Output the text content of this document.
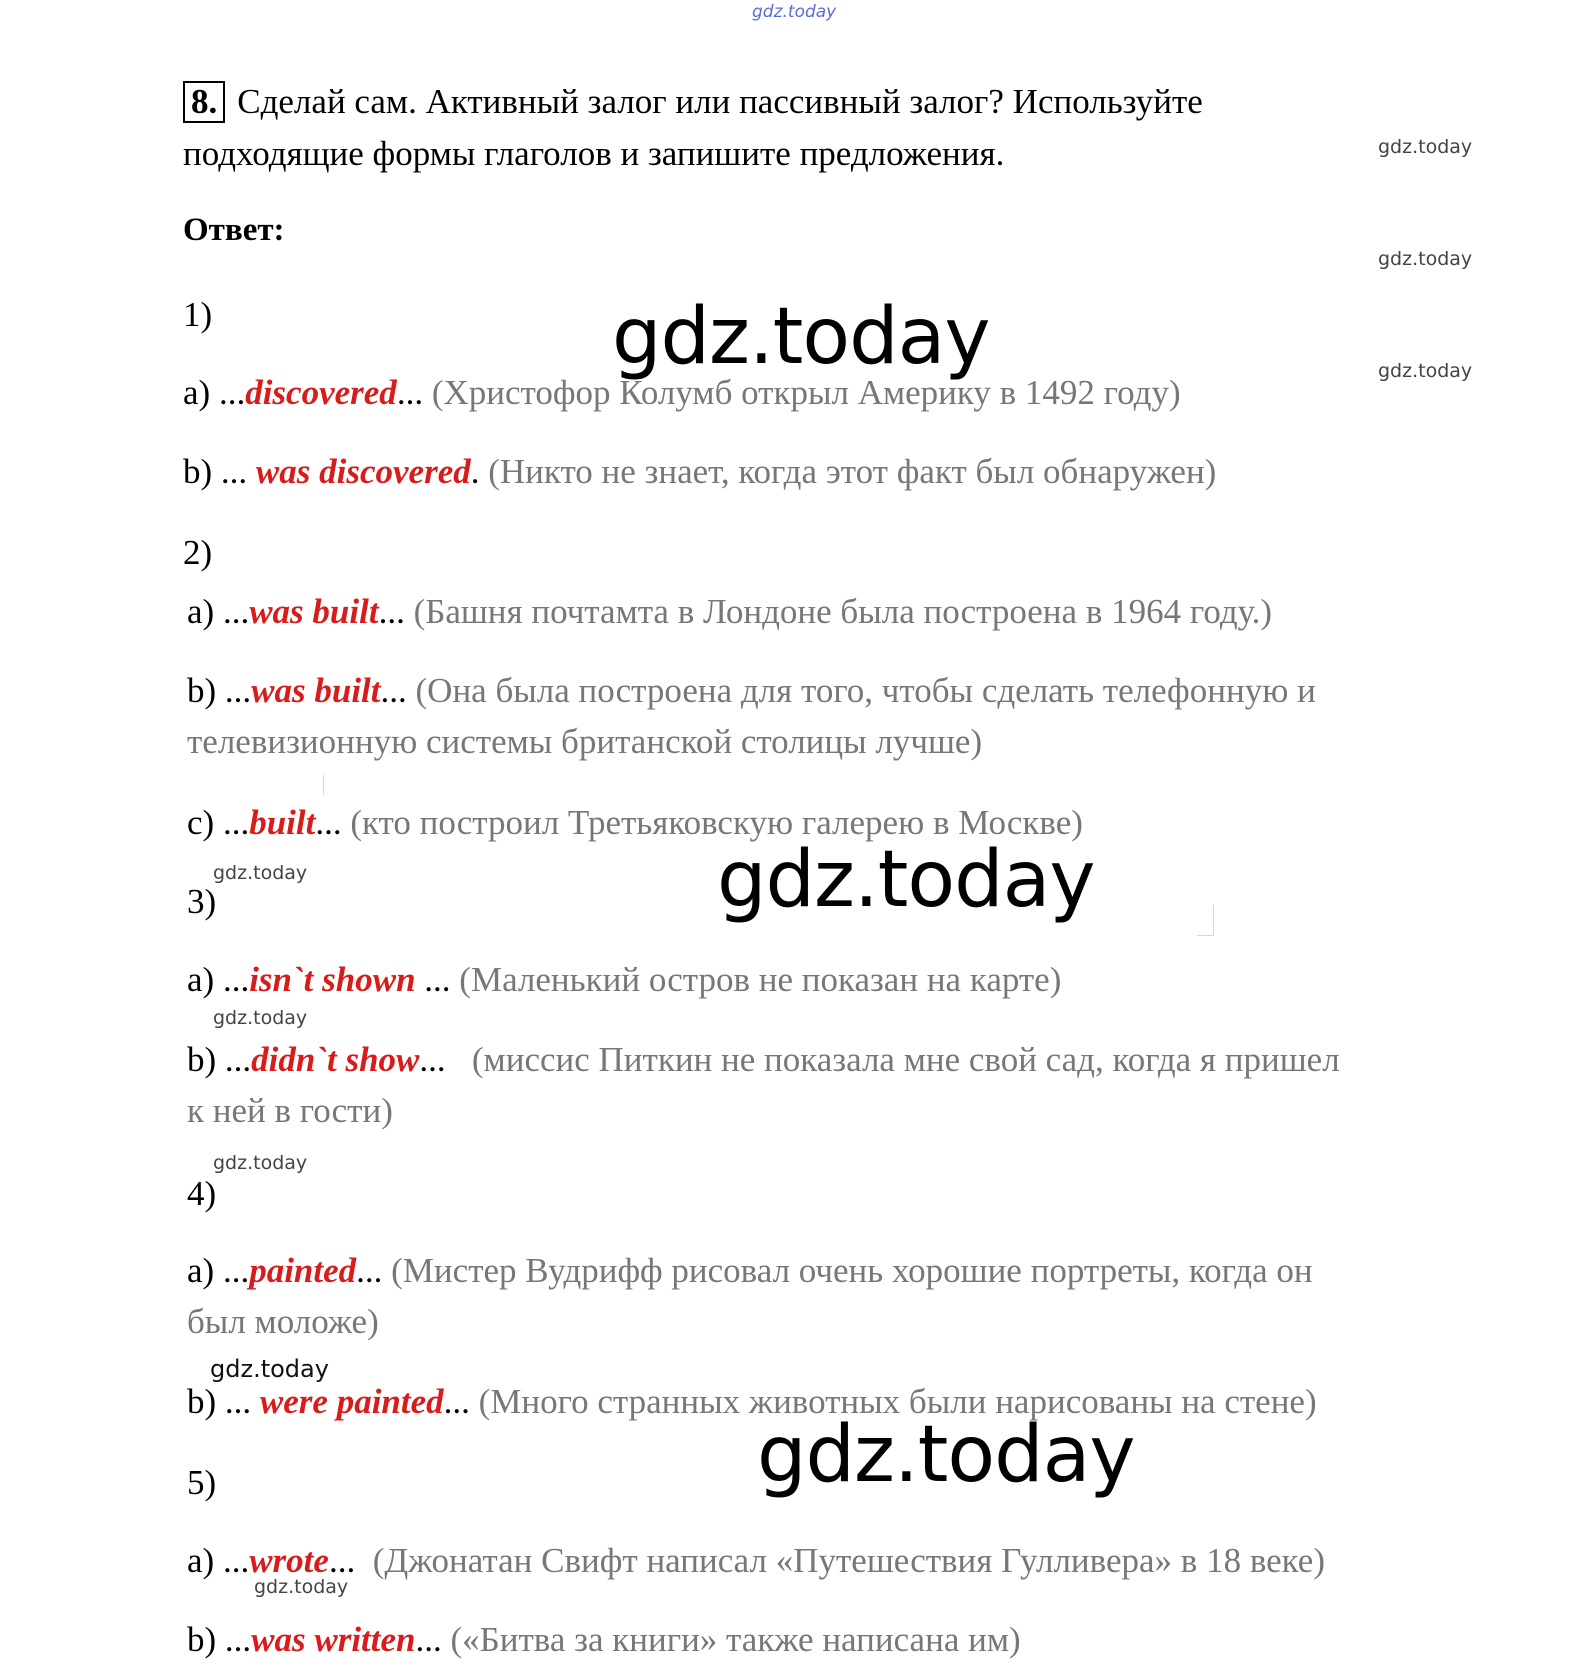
gdz.today
gdz.today
gdz.today
gdz.today
gdz.today
gdz.today
gdz.today
gdz.today
gdz.today
gdz.today
gdz.today
gdz.today
8. Сделай сам. Активный залог или пассивный залог? Используйте
подходящие формы глаголов и запишите предложения.
Ответ:
1)
a) ...discovered... (Христофор Колумб открыл Америку в 1492 году)
b) ... was discovered. (Никто не знает, когда этот факт был обнаружен)
2)
a) ...was built... (Башня почтамта в Лондоне была построена в 1964 году.)
b) ...was built... (Она была построена для того, чтобы сделать телефонную и
телевизионную системы британской столицы лучше)
c) ...built... (кто построил Третьяковскую галерею в Москве)
3)
a) ...isn`t shown ... (Маленький остров не показан на карте)
b) ...didn`t show...   (миссис Питкин не показала мне свой сад, когда я пришел
к ней в гости)
4)
a) ...painted... (Мистер Вудрифф рисовал очень хорошие портреты, когда он
был моложе)
b) ... were painted... (Много странных животных были нарисованы на стене)
5)
a) ...wrote...  (Джонатан Свифт написал «Путешествия Гулливера» в 18 веке)
b) ...was written... («Битва за книги» также написана им)
